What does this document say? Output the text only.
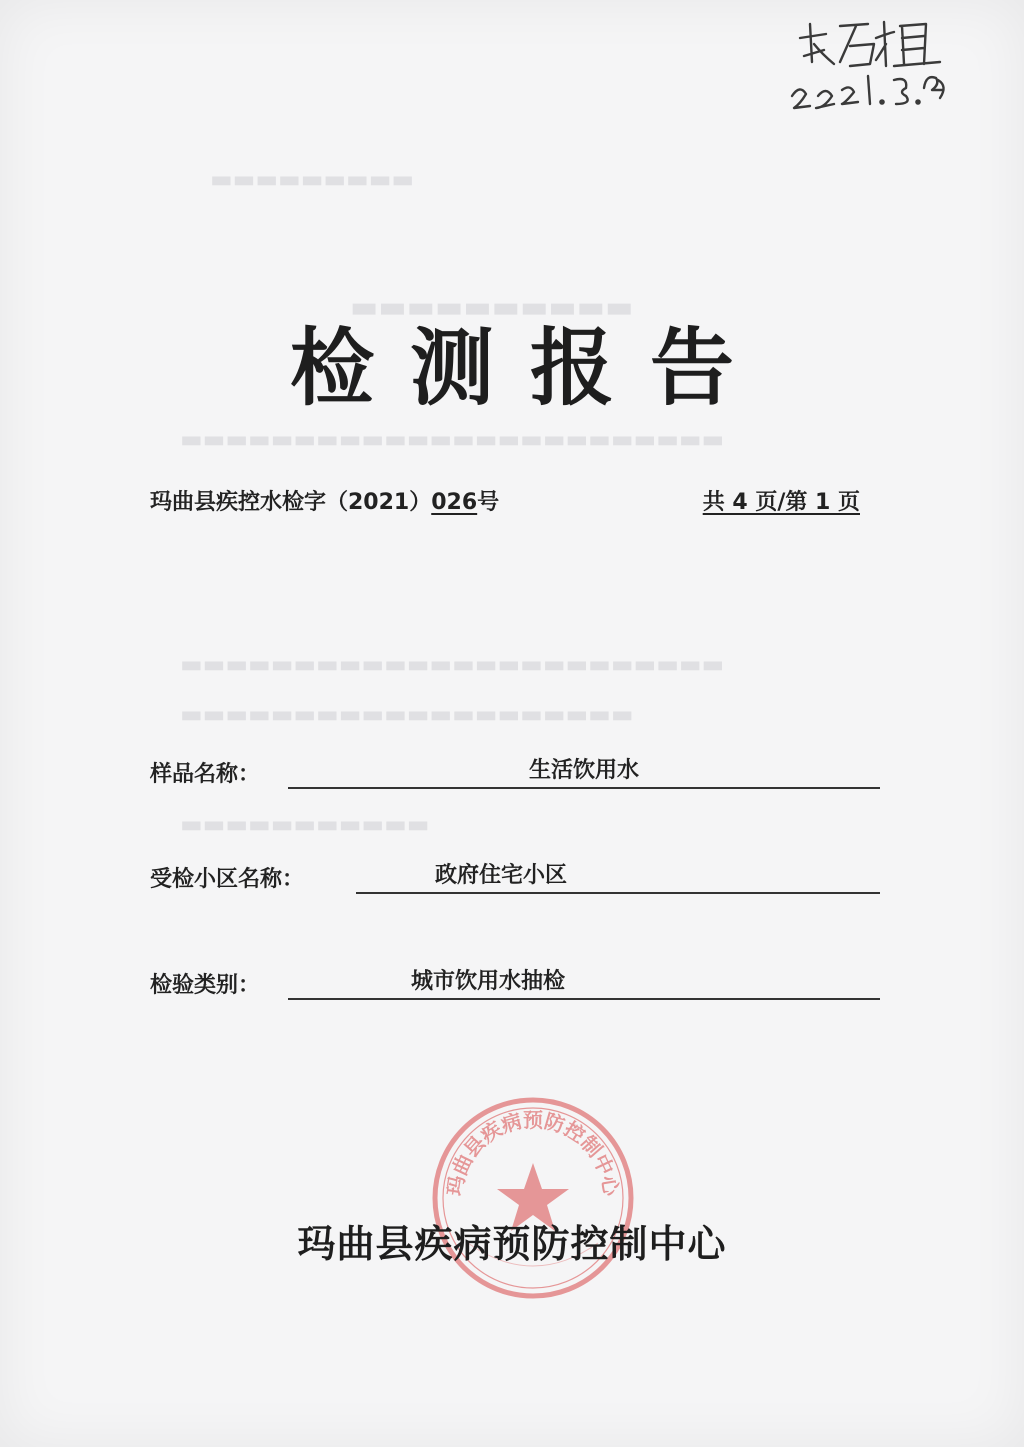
▬▬▬▬▬▬▬▬▬
▬▬▬▬▬▬▬▬▬▬
▬▬▬▬▬▬▬▬▬▬▬▬▬▬▬▬▬▬▬▬▬▬▬▬
▬▬▬▬▬▬▬▬▬▬▬▬▬▬▬▬▬▬▬▬▬▬▬▬
▬▬▬▬▬▬▬▬▬▬▬▬▬▬▬▬▬▬▬▬
▬▬▬▬▬▬▬▬▬▬▬
检测报告
玛曲县疾控水检字（2021）026号	共 4 页/第 1 页
样品名称：	生活饮用水
受检小区名称：	政府住宅小区
检验类别：	城市饮用水抽检
玛曲县疾病预防控制中心
玛曲县疾病预防控制中心
